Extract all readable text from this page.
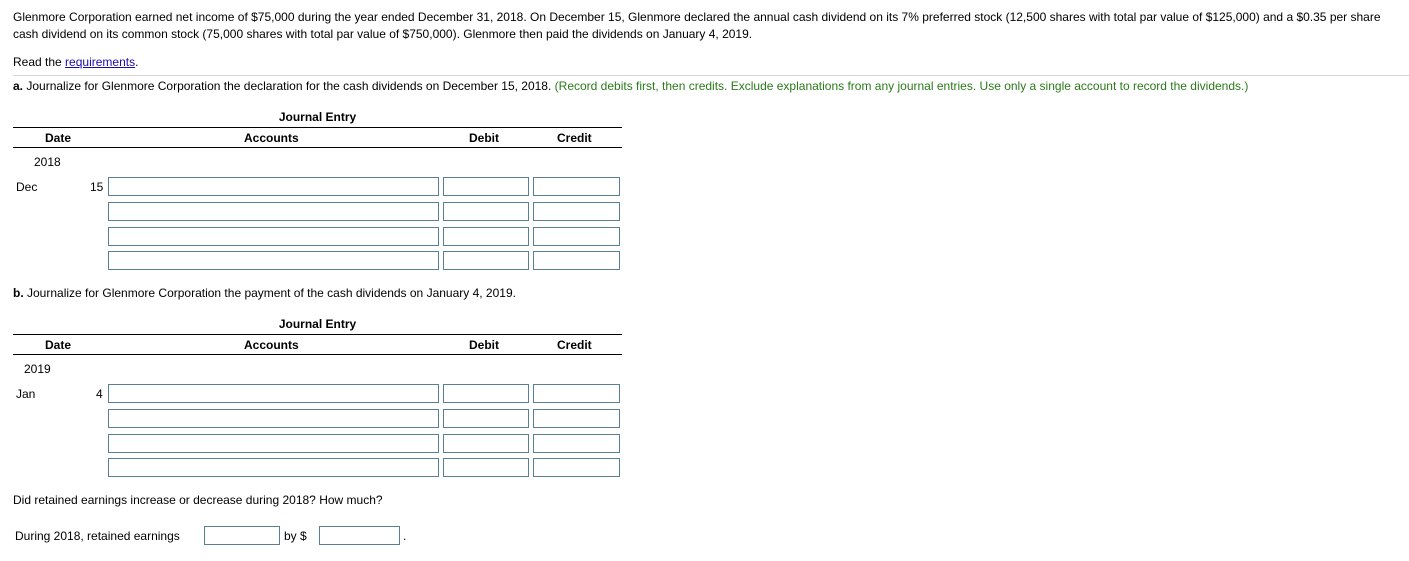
Glenmore Corporation earned net income of $75,000 during the year ended December 31, 2018. On December 15, Glenmore declared the annual cash dividend on its 7% preferred stock (12,500 shares with total par value of $125,000) and a $0.35 per share cash dividend on its common stock (75,000 shares with total par value of $750,000). Glenmore then paid the dividends on January 4, 2019.

Read the requirements.
a. Journalize for Glenmore Corporation the declaration for the cash dividends on December 15, 2018. (Record debits first, then credits. Exclude explanations from any journal entries. Use only a single account to record the dividends.)
Journal Entry
Date	Accounts	Debit	Credit
2018
Dec	15
b. Journalize for Glenmore Corporation the payment of the cash dividends on January 4, 2019.
Journal Entry
Date	Accounts	Debit	Credit
2019
Jan	4
Did retained earnings increase or decrease during 2018? How much?
During 2018, retained earnings	by $	.
